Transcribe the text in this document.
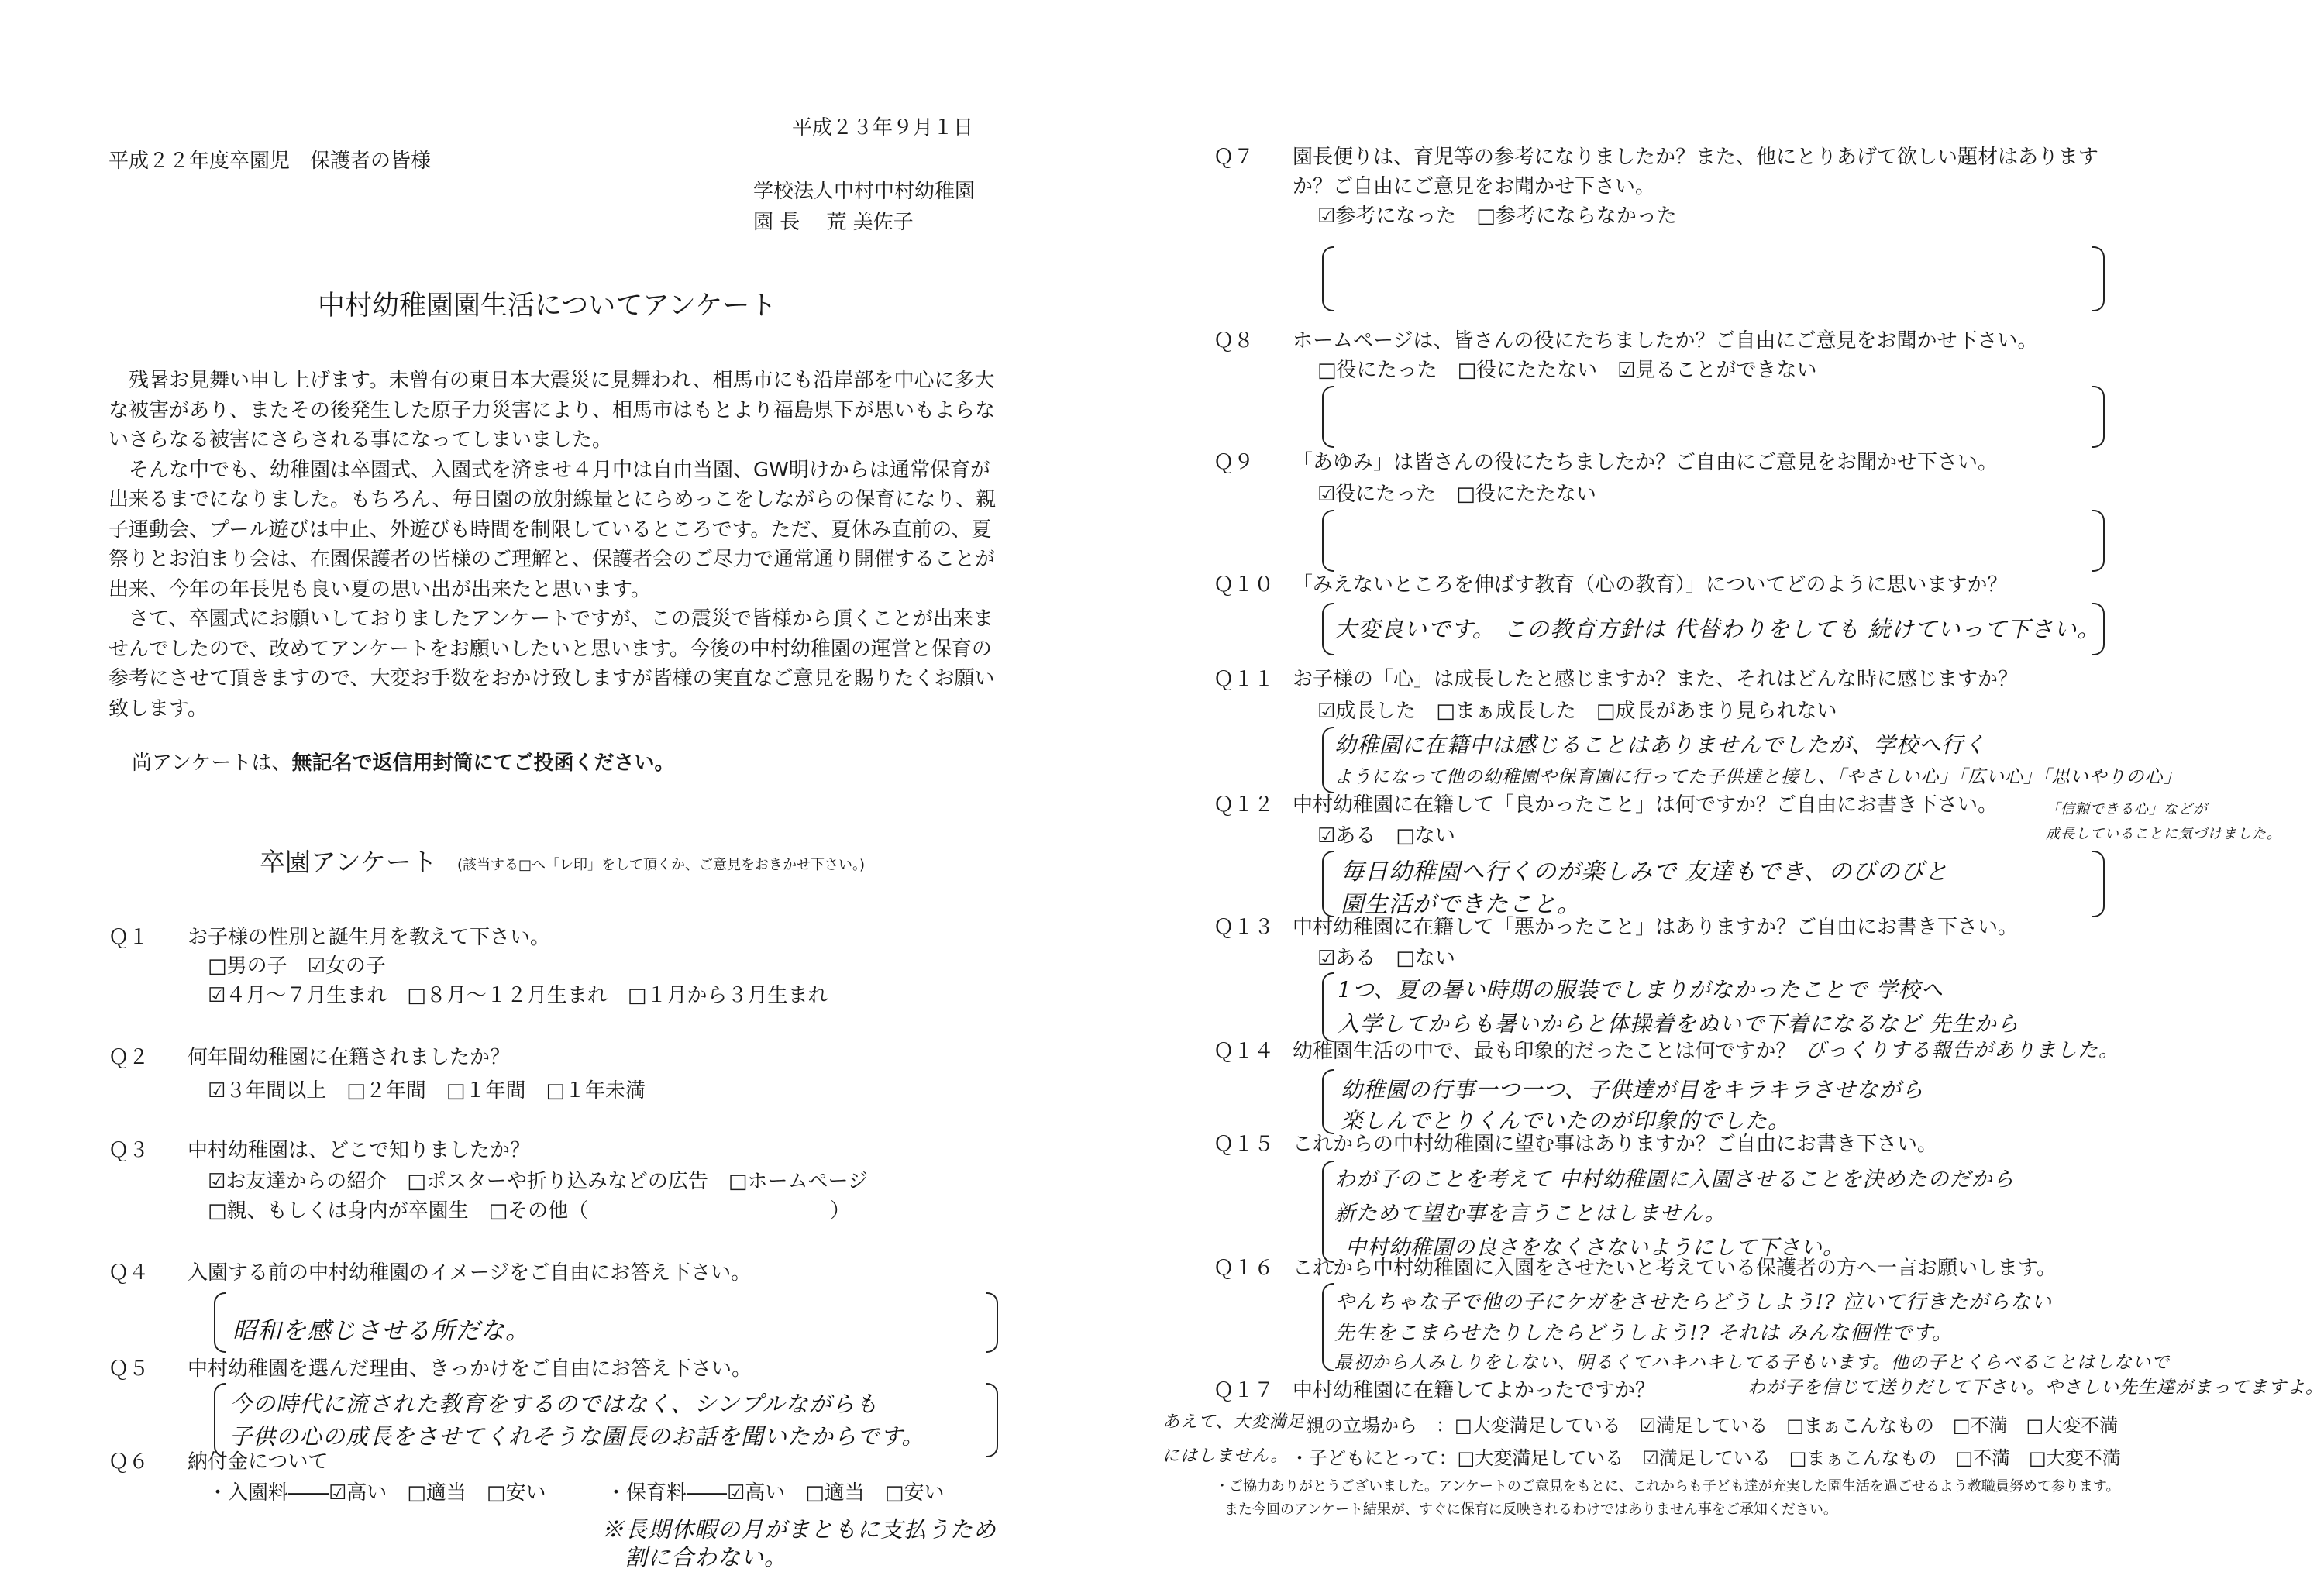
平成２３年９月１日
平成２２年度卒園児　保護者の皆様
学校法人中村中村幼稚園
園 長　 荒 美佐子
中村幼稚園園生活についてアンケート

残暑お見舞い申し上げます。未曾有の東日本大震災に見舞われ、相馬市にも沿岸部を中心に多大な被害があり、またその後発生した原子力災害により、相馬市はもとより福島県下が思いもよらないさらなる被害にさらされる事になってしまいました。

そんな中でも、幼稚園は卒園式、入園式を済ませ４月中は自由当園、GW明けからは通常保育が出来るまでになりました。もちろん、毎日園の放射線量とにらめっこをしながらの保育になり、親子運動会、プール遊びは中止、外遊びも時間を制限しているところです。ただ、夏休み直前の、夏祭りとお泊まり会は、在園保護者の皆様のご理解と、保護者会のご尽力で通常通り開催することが出来、今年の年長児も良い夏の思い出が出来たと思います。

さて、卒園式にお願いしておりましたアンケートですが、この震災で皆様から頂くことが出来ませんでしたので、改めてアンケートをお願いしたいと思います。今後の中村幼稚園の運営と保育の参考にさせて頂きますので、大変お手数をおかけ致しますが皆様の実直なご意見を賜りたくお願い致します。

尚アンケートは、無記名で返信用封筒にてご投函ください。
卒園アンケート (該当する□へ「レ印」をして頂くか、ご意見をおきかせ下さい。)
Ｑ１ お子様の性別と誕生月を教えて下さい。
□男の子　☑女の子
☑４月～７月生まれ　□８月～１２月生まれ　□１月から３月生まれ
Ｑ２ 何年間幼稚園に在籍されましたか？
☑３年間以上　□２年間　□１年間　□１年未満
Ｑ３ 中村幼稚園は、どこで知りましたか？
☑お友達からの紹介　□ポスターや折り込みなどの広告　□ホームページ
□親、もしくは身内が卒園生　□その他（　　　　　　　　　　　　）
Ｑ４ 入園する前の中村幼稚園のイメージをご自由にお答え下さい。
昭和を感じさせる所だな。
Ｑ５ 中村幼稚園を選んだ理由、きっかけをご自由にお答え下さい。
今の時代に流された教育をするのではなく、シンプルながらも
子供の心の成長をさせてくれそうな園長のお話を聞いたからです。
Ｑ６ 納付金について
・入園料――☑高い　□適当　□安い	・保育料――☑高い　□適当　□安い
※長期休暇の月がまともに支払うため
割に合わない。
Ｑ７ 園長便りは、育児等の参考になりましたか？また、他にとりあげて欲しい題材はありますか？ご自由にご意見をお聞かせ下さい。
☑参考になった　□参考にならなかった
Ｑ８ ホームページは、皆さんの役にたちましたか？ご自由にご意見をお聞かせ下さい。
□役にたった　□役にたたない　☑見ることができない
Ｑ９ 「あゆみ」は皆さんの役にたちましたか？ご自由にご意見をお聞かせ下さい。
☑役にたった　□役にたたない
Ｑ１０ 「みえないところを伸ばす教育（心の教育）」についてどのように思いますか？
大変良いです。 この教育方針は 代替わりをしても 続けていって下さい。
Ｑ１１ お子様の「心」は成長したと感じますか？また、それはどんな時に感じますか？
☑成長した　□まぁ成長した　□成長があまり見られない
幼稚園に在籍中は感じることはありませんでしたが、学校へ行く
ようになって他の幼稚園や保育園に行ってた子供達と接し、「やさしい心」「広い心」「思いやりの心」
「信頼できる心」などが
成長していることに気づけました。
Ｑ１２ 中村幼稚園に在籍して「良かったこと」は何ですか？ご自由にお書き下さい。
☑ある　□ない
毎日幼稚園へ行くのが楽しみで 友達もでき、のびのびと
園生活ができたこと。
Ｑ１３ 中村幼稚園に在籍して「悪かったこと」はありますか？ご自由にお書き下さい。
☑ある　□ない
1つ、夏の暑い時期の服装でしまりがなかったことで 学校へ
入学してからも暑いからと体操着をぬいで下着になるなど 先生から
びっくりする報告がありました。
Ｑ１４ 幼稚園生活の中で、最も印象的だったことは何ですか？
幼稚園の行事一つ一つ、子供達が目をキラキラさせながら
楽しんでとりくんでいたのが印象的でした。
Ｑ１５ これからの中村幼稚園に望む事はありますか？ご自由にお書き下さい。
わが子のことを考えて 中村幼稚園に入園させることを決めたのだから
新ためて望む事を言うことはしません。
中村幼稚園の良さをなくさないようにして下さい。
Ｑ１６ これから中村幼稚園に入園をさせたいと考えている保護者の方へ一言お願いします。
やんちゃな子で他の子にケガをさせたらどうしよう!? 泣いて行きたがらない
先生をこまらせたりしたらどうしよう!? それは みんな個性です。
最初から人みしりをしない、明るくてハキハキしてる子もいます。他の子とくらべることはしないで
わが子を信じて送りだして下さい。やさしい先生達がまってますよ。
Ｑ１７ 中村幼稚園に在籍してよかったですか？
あえて、大変満足
にはしません。
親の立場から　：□大変満足している　☑満足している　□まぁこんなもの　□不満　□大変不満
・子どもにとって：□大変満足している　☑満足している　□まぁこんなもの　□不満　□大変不満
・ご協力ありがとうございました。アンケートのご意見をもとに、これからも子ども達が充実した園生活を過ごせるよう教職員努めて参ります。
また今回のアンケート結果が、すぐに保育に反映されるわけではありません事をご承知ください。
